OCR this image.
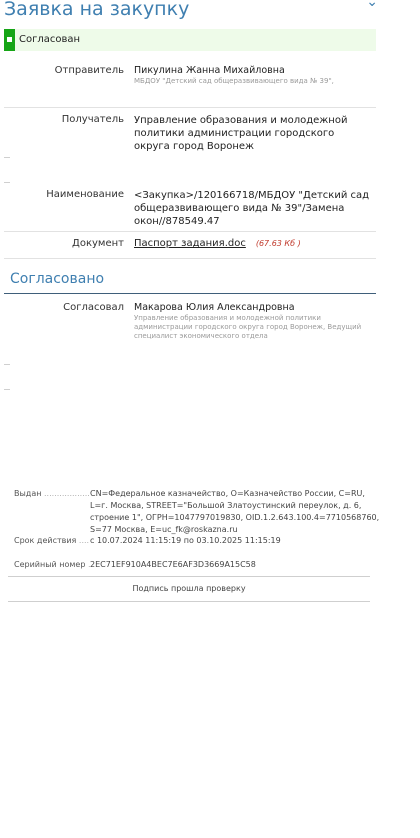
Заявка на закупку	⌄
Согласован
Отправитель Пикулина Жанна Михайловна
МБДОУ "Детский сад общеразвивающего вида № 39",
Получатель Управление образования и молодежной политики администрации городского округа город Воронеж
Наименование <Закупка>/120166718/МБДОУ "Детский сад общеразвивающего вида № 39"/Замена окон//878549.47
Документ Паспорт задания.doc (67.63 Кб )
Согласовано
Согласовал Макарова Юлия Александровна
Управление образования и молодежной политики администрации городского округа город Воронеж, Ведущий специалист экономического отдела
Выдан .....	CN=Федеральное казначейство, O=Казначейство России, C=RU, L=г. Москва, STREET="Большой Златоустинский переулок, д. 6, строение 1", ОГРН=1047797019830, OID.1.2.643.100.4=7710568760, S=77 Москва, E=uc_fk@roskazna.ru
Срок действия .....	с 10.07.2024 11:15:19 по 03.10.2025 11:15:19
Серийный номер ..... 2EC71EF910A4BEC7E6AF3D3669A15C58
Подпись прошла проверку
